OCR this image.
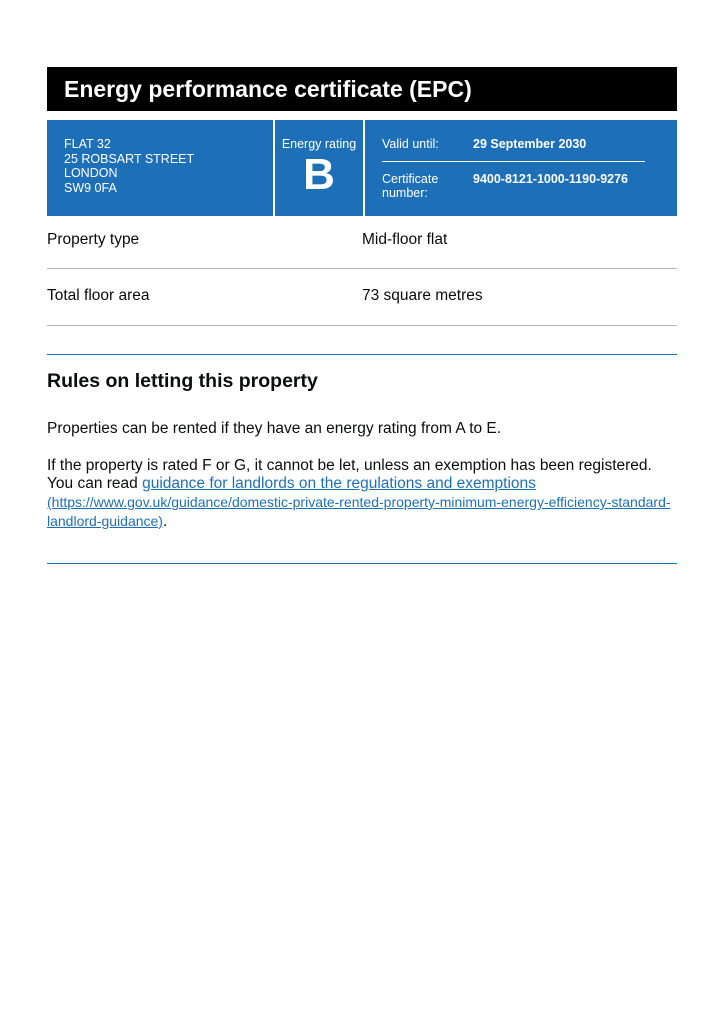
Energy performance certificate (EPC)
FLAT 32
25 ROBSART STREET
LONDON
SW9 0FA
Energy rating
B
Valid until:	29 September 2030
Certificate number:
9400-8121-1000-1190-9276
Property type	Mid-floor flat
Total floor area	73 square metres
Rules on letting this property

Properties can be rented if they have an energy rating from A to E.

If the property is rated F or G, it cannot be let, unless an exemption has been registered. You can read guidance for landlords on the regulations and exemptions (https://www.gov.uk/guidance/domestic-private-rented-property-minimum-energy-efficiency-standard-landlord-guidance).
